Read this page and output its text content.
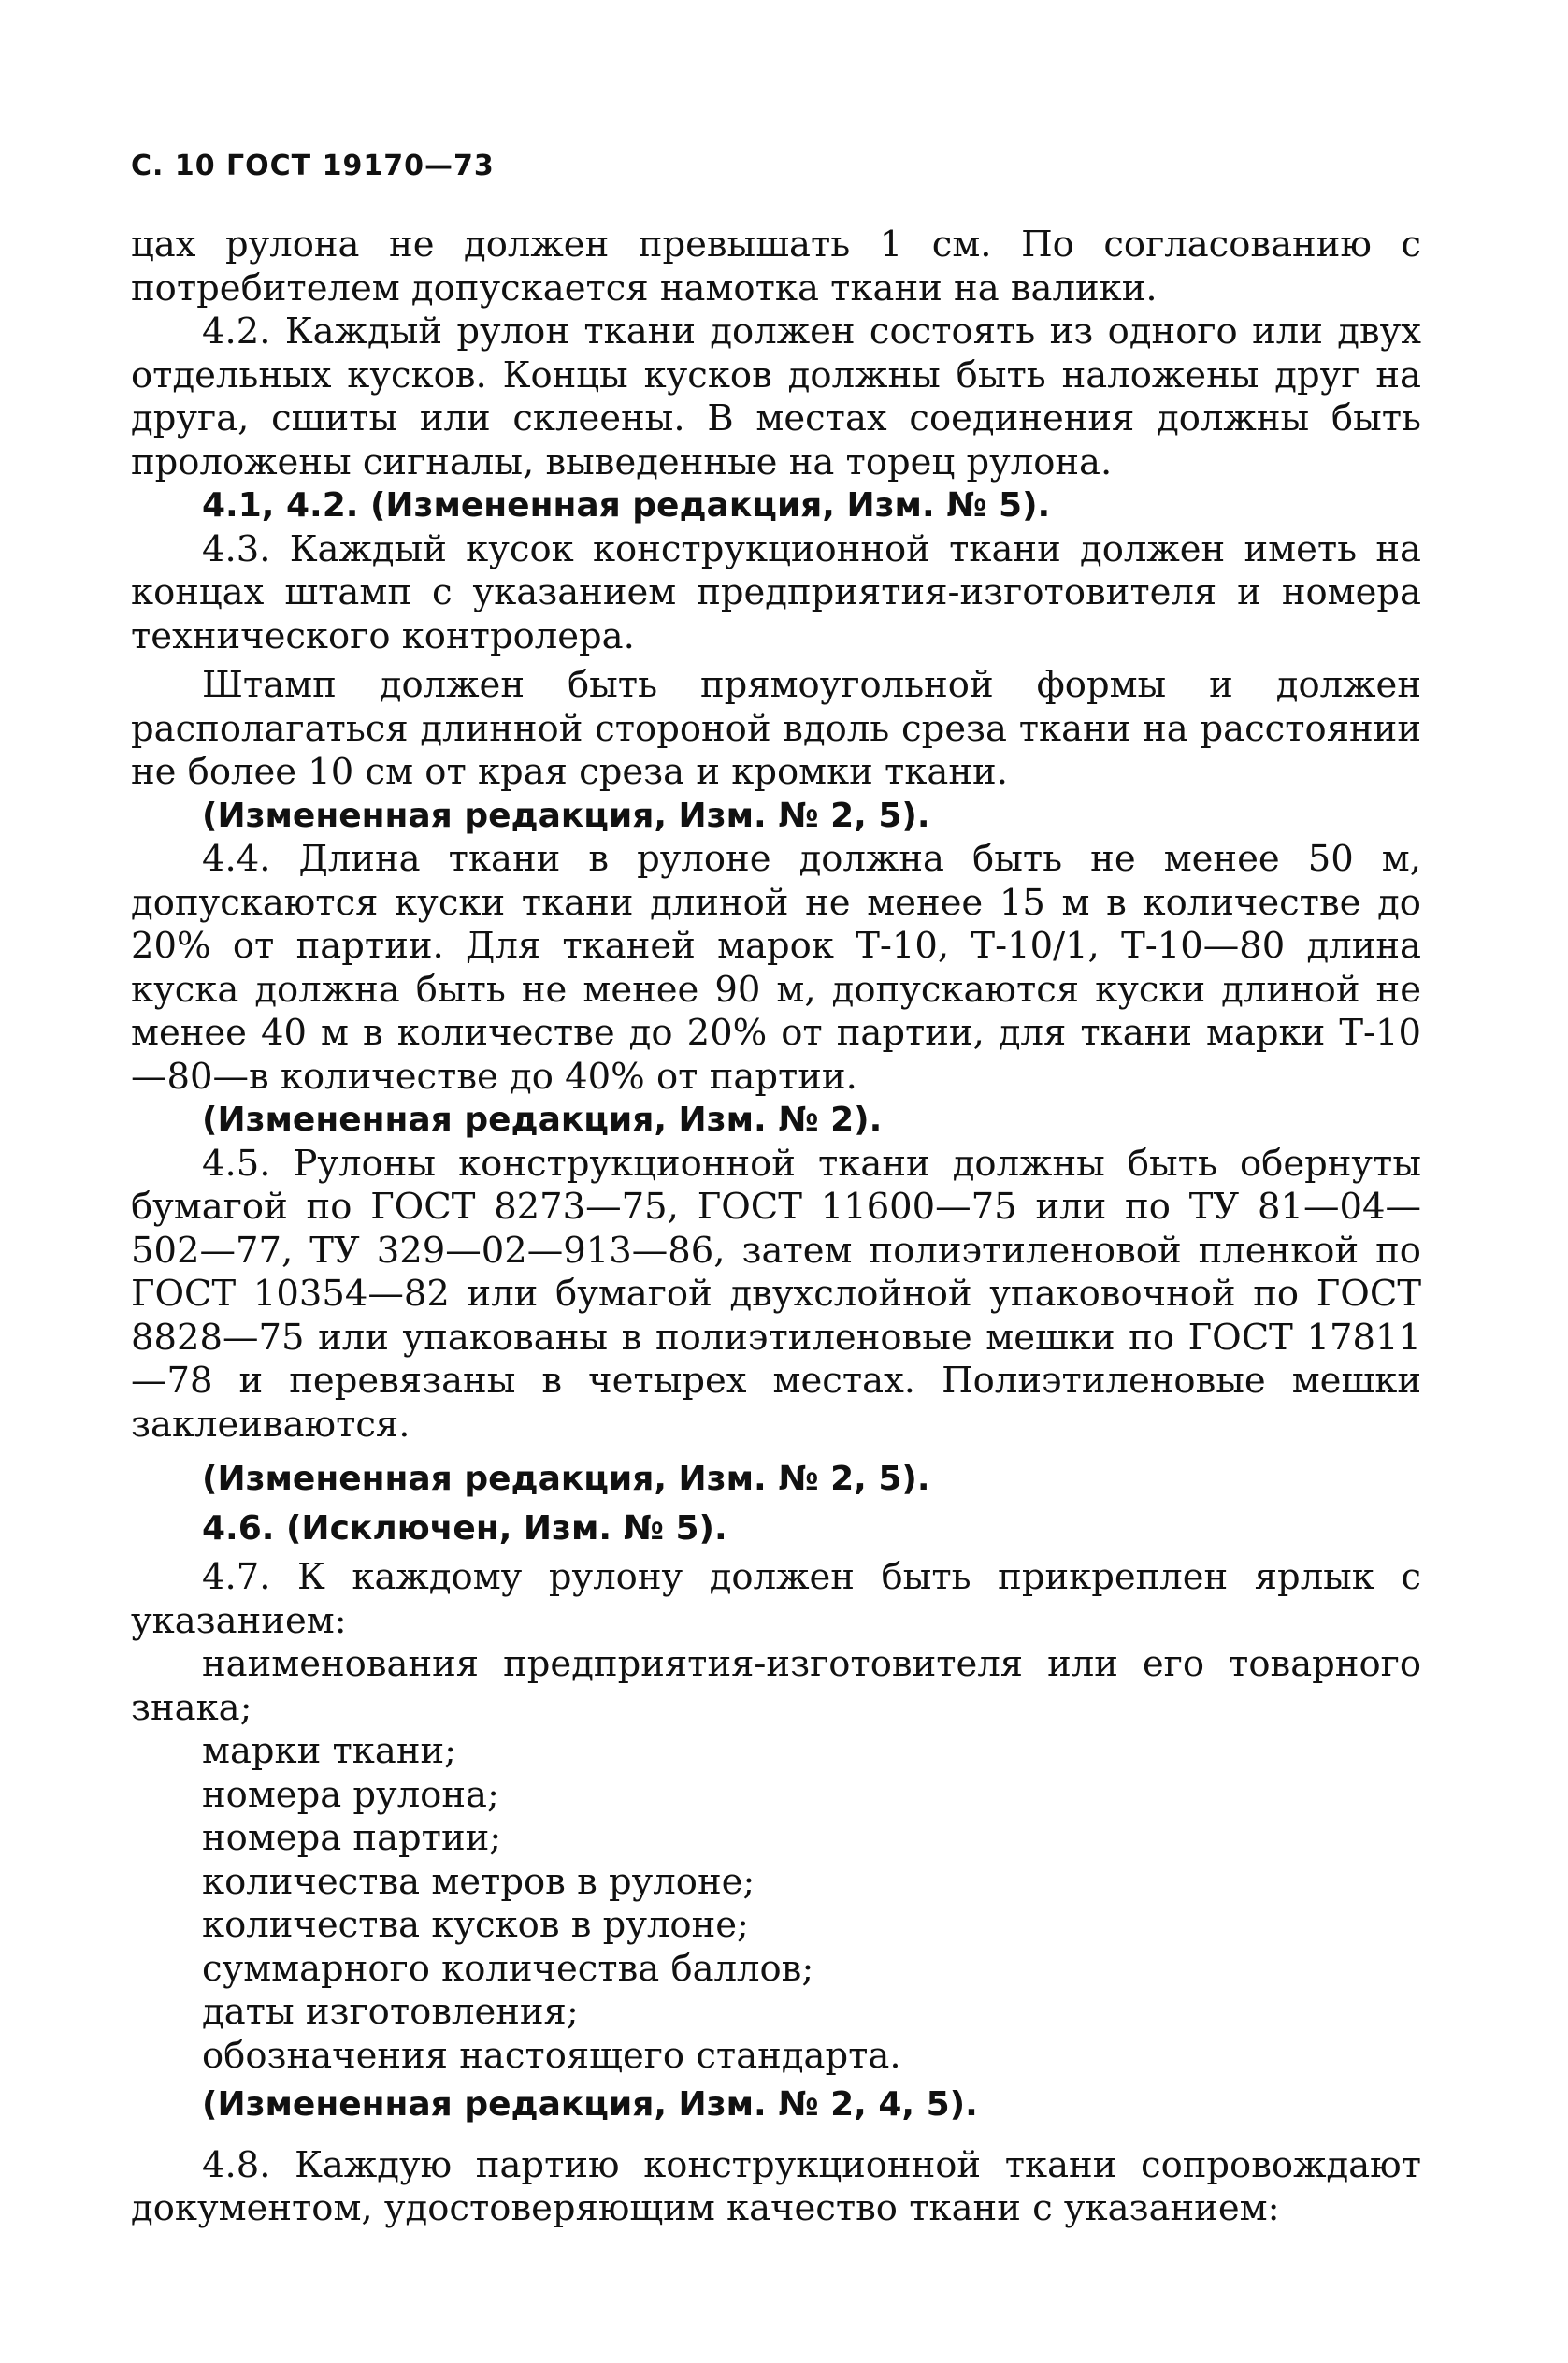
С. 10 ГОСТ 19170—73

цах рулона не должен превышать 1 см. По согласованию с потребителем допускается намотка ткани на валики.

4.2. Каждый рулон ткани должен состоять из одного или двух отдельных кусков. Концы кусков должны быть наложены друг на друга, сшиты или склеены. В местах соединения должны быть проложены сигналы, выведенные на торец рулона.

4.1, 4.2. (Измененная редакция, Изм. № 5).

4.3. Каждый кусок конструкционной ткани должен иметь на концах штамп с указанием предприятия-изготовителя и номера технического контролера.

Штамп должен быть прямоугольной формы и должен располагаться длинной стороной вдоль среза ткани на расстоянии не более 10 см от края среза и кромки ткани.

(Измененная редакция, Изм. № 2, 5).

4.4. Длина ткани в рулоне должна быть не менее 50 м, допускаются куски ткани длиной не менее 15 м в количестве до 20% от партии. Для тканей марок Т-10, Т-10/1, Т-10—80 длина куска должна быть не менее 90 м, допускаются куски длиной не менее 40 м в количестве до 20% от партии, для ткани марки Т-10—80—в количестве до 40% от партии.

(Измененная редакция, Изм. № 2).

4.5. Рулоны конструкционной ткани должны быть обернуты бумагой по ГОСТ 8273—75, ГОСТ 11600—75 или по ТУ 81—04—502—77, ТУ 329—02—913—86, затем полиэтиленовой пленкой по ГОСТ 10354—82 или бумагой двухслойной упаковочной по ГОСТ 8828—75 или упакованы в полиэтиленовые мешки по ГОСТ 17811—78 и перевязаны в четырех местах. Полиэтиленовые мешки заклеиваются.

(Измененная редакция, Изм. № 2, 5).

4.6. (Исключен, Изм. № 5).

4.7. К каждому рулону должен быть прикреплен ярлык с указанием:

наименования предприятия-изготовителя или его товарного знака;

марки ткани;

номера рулона;

номера партии;

количества метров в рулоне;

количества кусков в рулоне;

суммарного количества баллов;

даты изготовления;

обозначения настоящего стандарта.

(Измененная редакция, Изм. № 2, 4, 5).

4.8. Каждую партию конструкционной ткани сопровождают документом, удостоверяющим качество ткани с указанием:
